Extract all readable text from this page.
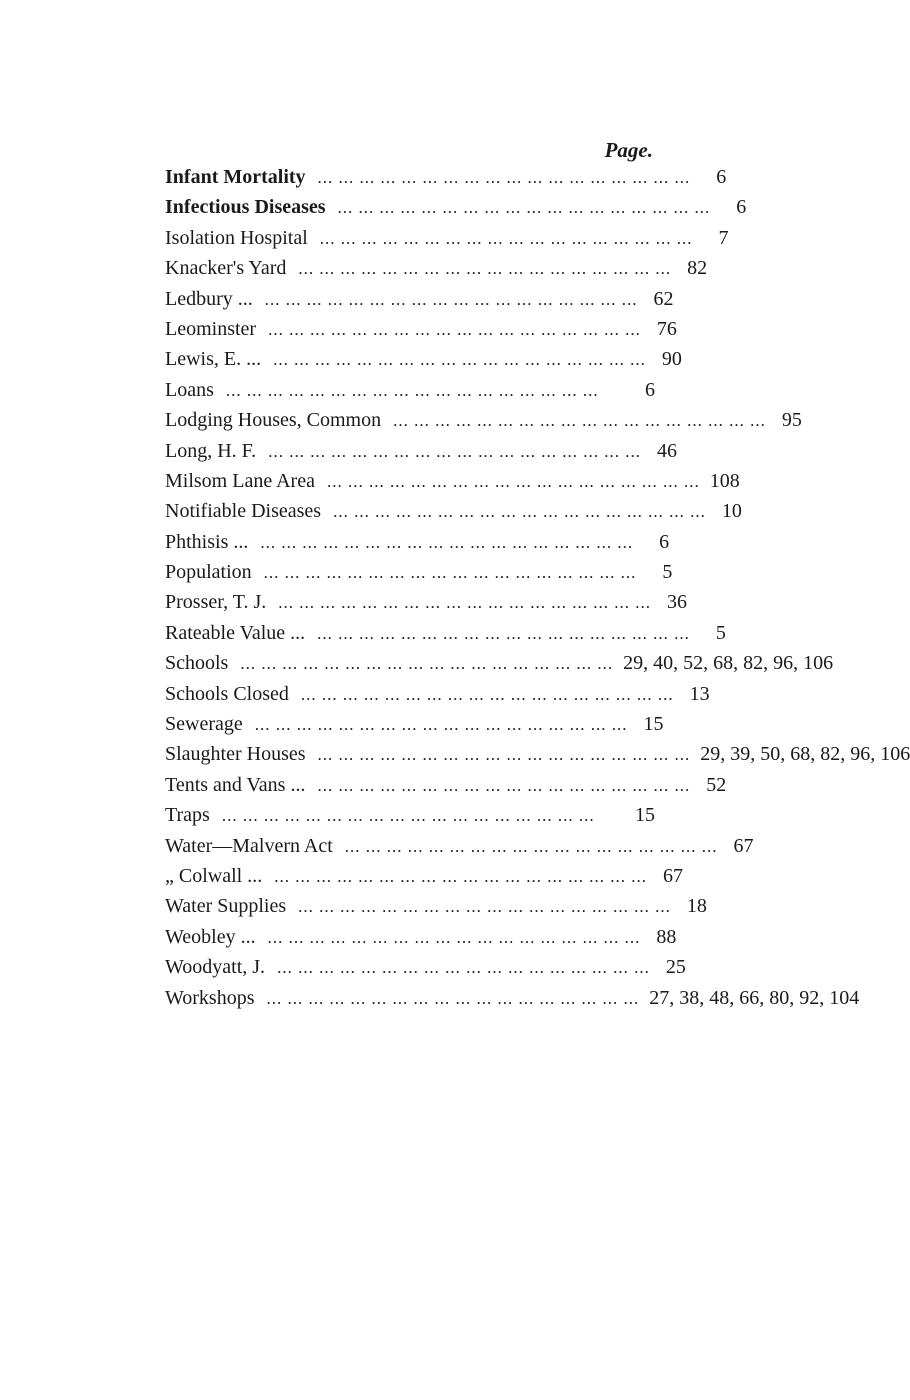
Page.

Infant Mortality ... ... ... ... ... ... ... ... ... ... ... ... ... ... ... ... ... ...	6
Infectious Diseases ... ... ... ... ... ... ... ... ... ... ... ... ... ... ... ... ... ...	6
Isolation Hospital ... ... ... ... ... ... ... ... ... ... ... ... ... ... ... ... ... ...	7
Knacker's Yard ... ... ... ... ... ... ... ... ... ... ... ... ... ... ... ... ... ... 82
Ledbury ... ... ... ... ... ... ... ... ... ... ... ... ... ... ... ... ... ... ... 62
Leominster ... ... ... ... ... ... ... ... ... ... ... ... ... ... ... ... ... ... 76
Lewis, E. ... ... ... ... ... ... ... ... ... ... ... ... ... ... ... ... ... ... ... 90
Loans ... ... ... ... ... ... ... ... ... ... ... ... ... ... ... ... ... ...	6
Lodging Houses, Common ... ... ... ... ... ... ... ... ... ... ... ... ... ... ... ... ... ... 95
Long, H. F. ... ... ... ... ... ... ... ... ... ... ... ... ... ... ... ... ... ... 46
Milsom Lane Area ... ... ... ... ... ... ... ... ... ... ... ... ... ... ... ... ... ... 108
Notifiable Diseases ... ... ... ... ... ... ... ... ... ... ... ... ... ... ... ... ... ... 10
Phthisis ... ... ... ... ... ... ... ... ... ... ... ... ... ... ... ... ... ... ...	6
Population ... ... ... ... ... ... ... ... ... ... ... ... ... ... ... ... ... ...	5
Prosser, T. J. ... ... ... ... ... ... ... ... ... ... ... ... ... ... ... ... ... ... 36
Rateable Value ... ... ... ... ... ... ... ... ... ... ... ... ... ... ... ... ... ... ...	5
Schools ... ... ... ... ... ... ... ... ... ... ... ... ... ... ... ... ... ... 29, 40, 52, 68, 82, 96, 106
Schools Closed ... ... ... ... ... ... ... ... ... ... ... ... ... ... ... ... ... ... 13
Sewerage ... ... ... ... ... ... ... ... ... ... ... ... ... ... ... ... ... ... 15
Slaughter Houses ... ... ... ... ... ... ... ... ... ... ... ... ... ... ... ... ... ... 29, 39, 50, 68, 82, 96, 106
Tents and Vans ... ... ... ... ... ... ... ... ... ... ... ... ... ... ... ... ... ... ... 52
Traps ... ... ... ... ... ... ... ... ... ... ... ... ... ... ... ... ... ...	15
Water—Malvern Act ... ... ... ... ... ... ... ... ... ... ... ... ... ... ... ... ... ... 67
„ Colwall ... ... ... ... ... ... ... ... ... ... ... ... ... ... ... ... ... ... ... 67
Water Supplies ... ... ... ... ... ... ... ... ... ... ... ... ... ... ... ... ... ... 18
Weobley ... ... ... ... ... ... ... ... ... ... ... ... ... ... ... ... ... ... ... 88
Woodyatt, J. ... ... ... ... ... ... ... ... ... ... ... ... ... ... ... ... ... ... 25
Workshops ... ... ... ... ... ... ... ... ... ... ... ... ... ... ... ... ... ... 27, 38, 48, 66, 80, 92, 104
